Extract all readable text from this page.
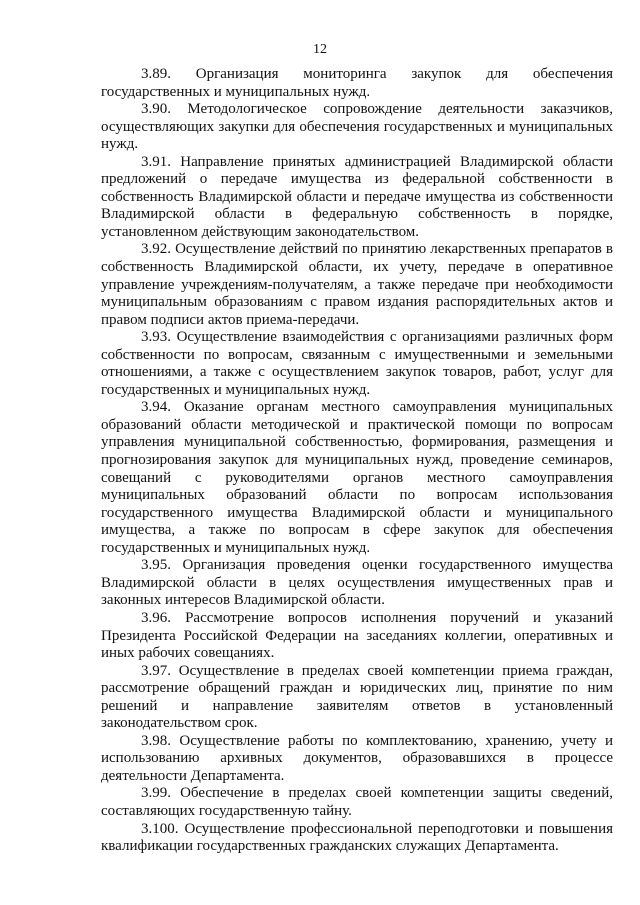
12

3.89. Организация мониторинга закупок для обеспечения государственных и муниципальных нужд.

3.90. Методологическое сопровождение деятельности заказчиков, осуществляющих закупки для обеспечения государственных и муниципальных нужд.

3.91. Направление принятых администрацией Владимирской области предложений о передаче имущества из федеральной собственности в собственность Владимирской области и передаче имущества из собственности Владимирской области в федеральную собственность в порядке, установленном действующим законодательством.

3.92. Осуществление действий по принятию лекарственных препаратов в собственность Владимирской области, их учету, передаче в оперативное управление учреждениям-получателям, а также передаче при необходимости муниципальным образованиям с правом издания распорядительных актов и правом подписи актов приема-передачи.

3.93. Осуществление взаимодействия с организациями различных форм собственности по вопросам, связанным с имущественными и земельными отношениями, а также с осуществлением закупок товаров, работ, услуг для государственных и муниципальных нужд.

3.94. Оказание органам местного самоуправления муниципальных образований области методической и практической помощи по вопросам управления муниципальной собственностью, формирования, размещения и прогнозирования закупок для муниципальных нужд, проведение семинаров, совещаний с руководителями органов местного самоуправления муниципальных образований области по вопросам использования государственного имущества Владимирской области и муниципального имущества, а также по вопросам в сфере закупок для обеспечения государственных и муниципальных нужд.

3.95. Организация проведения оценки государственного имущества Владимирской области в целях осуществления имущественных прав и законных интересов Владимирской области.

3.96. Рассмотрение вопросов исполнения поручений и указаний Президента Российской Федерации на заседаниях коллегии, оперативных и иных рабочих совещаниях.

3.97. Осуществление в пределах своей компетенции приема граждан, рассмотрение обращений граждан и юридических лиц, принятие по ним решений и направление заявителям ответов в установленный законодательством срок.

3.98. Осуществление работы по комплектованию, хранению, учету и использованию архивных документов, образовавшихся в процессе деятельности Департамента.

3.99. Обеспечение в пределах своей компетенции защиты сведений, составляющих государственную тайну.

3.100. Осуществление профессиональной переподготовки и повышения квалификации государственных гражданских служащих Департамента.
